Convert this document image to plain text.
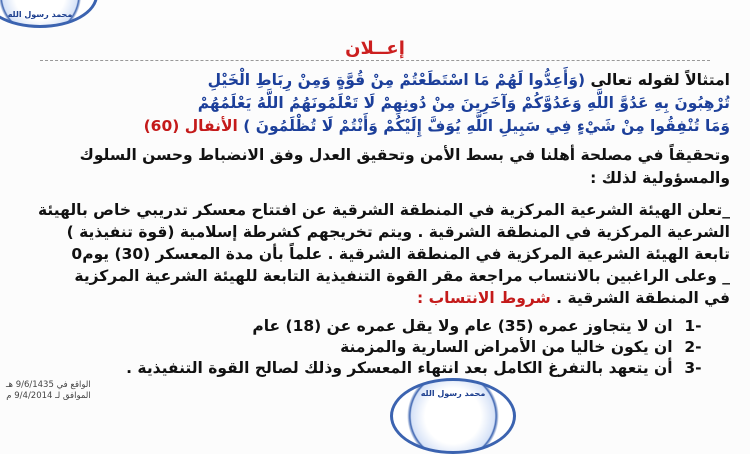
محمد رسول الله
إعــلان
امتثالاً لقوله تعالى (وَأَعِدُّوا لَهُمْ مَا اسْتَطَعْتُمْ مِنْ قُوَّةٍ وَمِنْ رِبَاطِ الْخَيْلِ
تُرْهِبُونَ بِهِ عَدُوَّ اللَّهِ وَعَدُوَّكُمْ وَآخَرِينَ مِنْ دُونِهِمْ لَا تَعْلَمُونَهُمُ اللَّهُ يَعْلَمُهُمْ
وَمَا تُنْفِقُوا مِنْ شَيْءٍ فِي سَبِيلِ اللَّهِ يُوَفَّ إِلَيْكُمْ وَأَنْتُمْ لَا تُظْلَمُونَ ) الأنفال (60)
وتحقيقاً في مصلحة أهلنا في بسط الأمن وتحقيق العدل وفق الانضباط وحسن السلوك
والمسؤولية لذلك :
_تعلن الهيئة الشرعية المركزية في المنطقة الشرقية عن افتتاح معسكر تدريبي خاص بالهيئة
الشرعية المركزية في المنطقة الشرقية . ويتم تخريجهم كشرطة إسلامية (قوة تنفيذية )
تابعة الهيئة الشرعية المركزية في المنطقة الشرقية . علماً بأن مدة المعسكر (30) يوم0
_ وعلى الراغبين بالانتساب مراجعة مقر القوة التنفيذية التابعة للهيئة الشرعية المركزية
في المنطقة الشرقية . شروط الانتساب :
-1 ان لا يتجاوز عمره (35) عام ولا يقل عمره عن (18) عام
-2 ان يكون خاليا من الأمراض السارية والمزمنة
-3 أن يتعهد بالتفرغ الكامل بعد انتهاء المعسكر وذلك لصالح القوة التنفيذية .
الواقع في 9/6/1435 هـ
الموافق لـ 9/4/2014 م	محمد رسول الله
